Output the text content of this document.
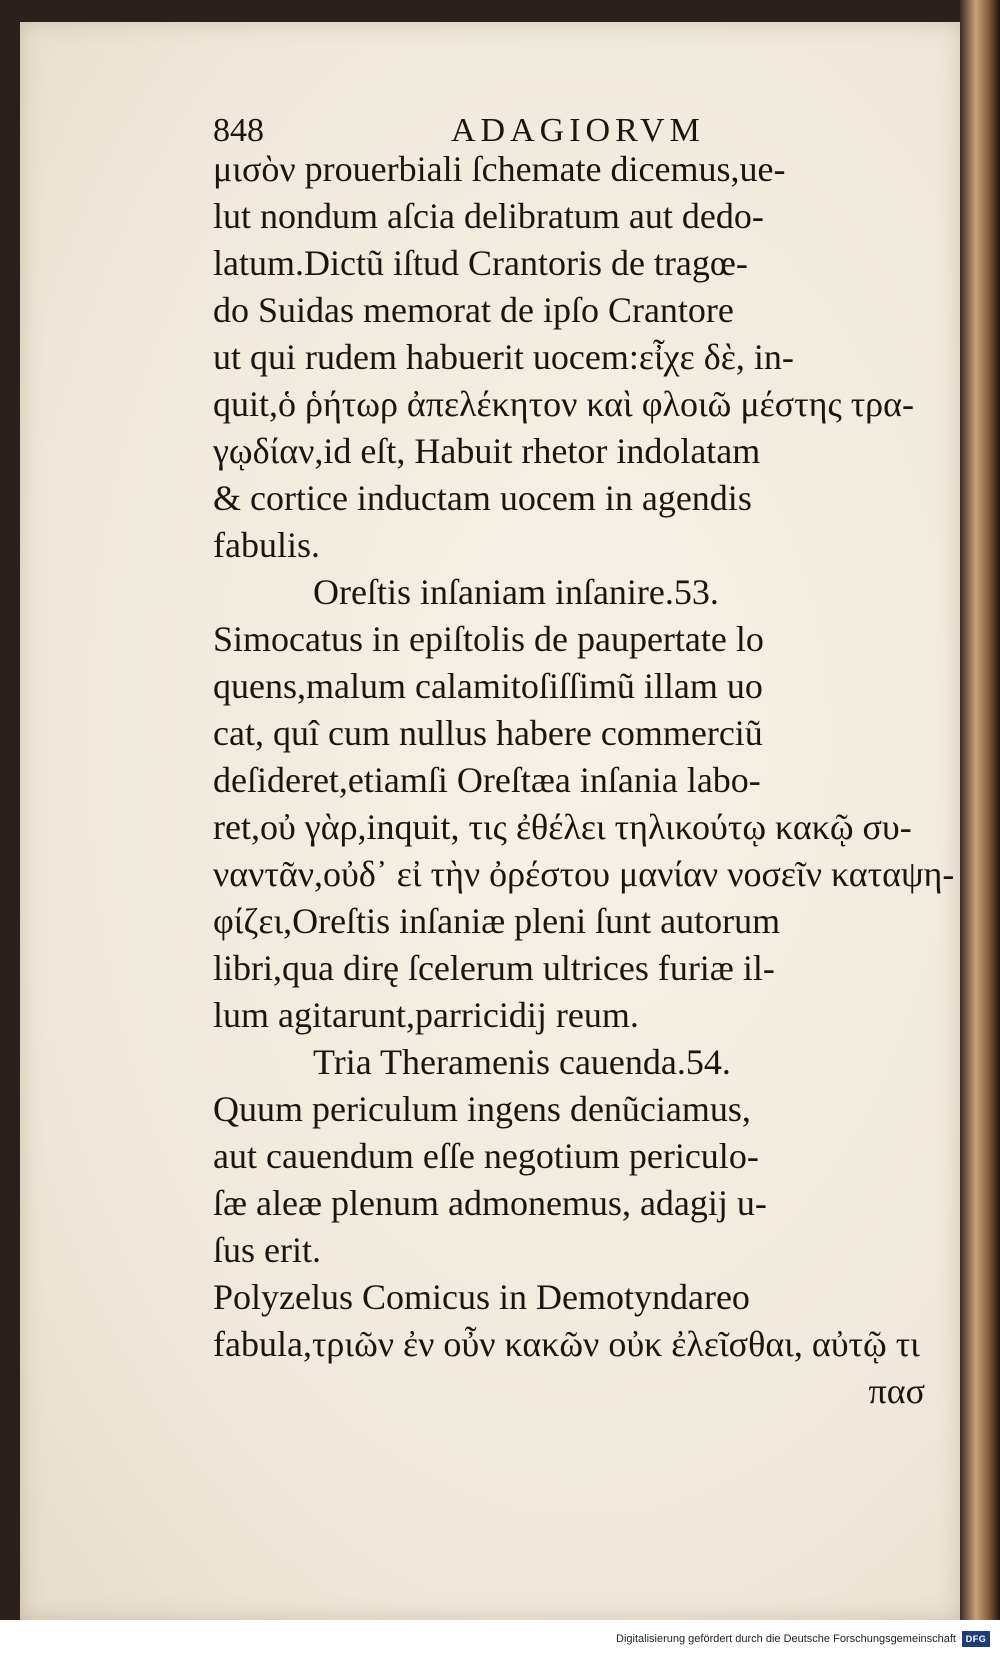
848	ADAGIORVM
μισὸν prouerbiali ſchemate dicemus,ue-
lut nondum aſcia delibratum aut dedo-
latum.Dictũ iſtud Crantoris de tragœ-
do Suidas memorat de ipſo Crantore
ut qui rudem habuerit uocem:εἶχε δὲ, in-
quit,ὁ ῥήτωρ ἀπελέκητον καὶ φλοιῶ μέστης τρα-
γῳδίαν,id eſt, Habuit rhetor indolatam
& cortice inductam uocem in agendis
fabulis.
Oreſtis inſaniam inſanire.53.
Simocatus in epiſtolis de paupertate lo
quens,malum calamitoſiſſimũ illam uo
cat, quî cum nullus habere commerciũ
deſideret,etiamſi Oreſtæa inſania labo-
ret,οὐ γὰρ,inquit, τις ἐθέλει τηλικούτῳ κακῷ συ-
ναντᾶν,οὐδ᾽ εἰ τὴν ὀρέστου μανίαν νοσεῖν καταψη-
φίζει,Oreſtis inſaniæ pleni ſunt autorum
libri,qua dirę ſcelerum ultrices furiæ il-
lum agitarunt,parricidij reum.
Tria Theramenis cauenda.54.
Quum periculum ingens denũciamus,
aut cauendum eſſe negotium periculo-
ſæ aleæ plenum admonemus, adagij u-
ſus erit.
Polyzelus Comicus in Demotyndareo
fabula,τριῶν ἐν οὖν κακῶν οὐκ ἐλεῖσθαι, αὐτῷ τι
πασ
Digitalisierung gefördert durch die Deutsche Forschungsgemeinschaft	DFG
